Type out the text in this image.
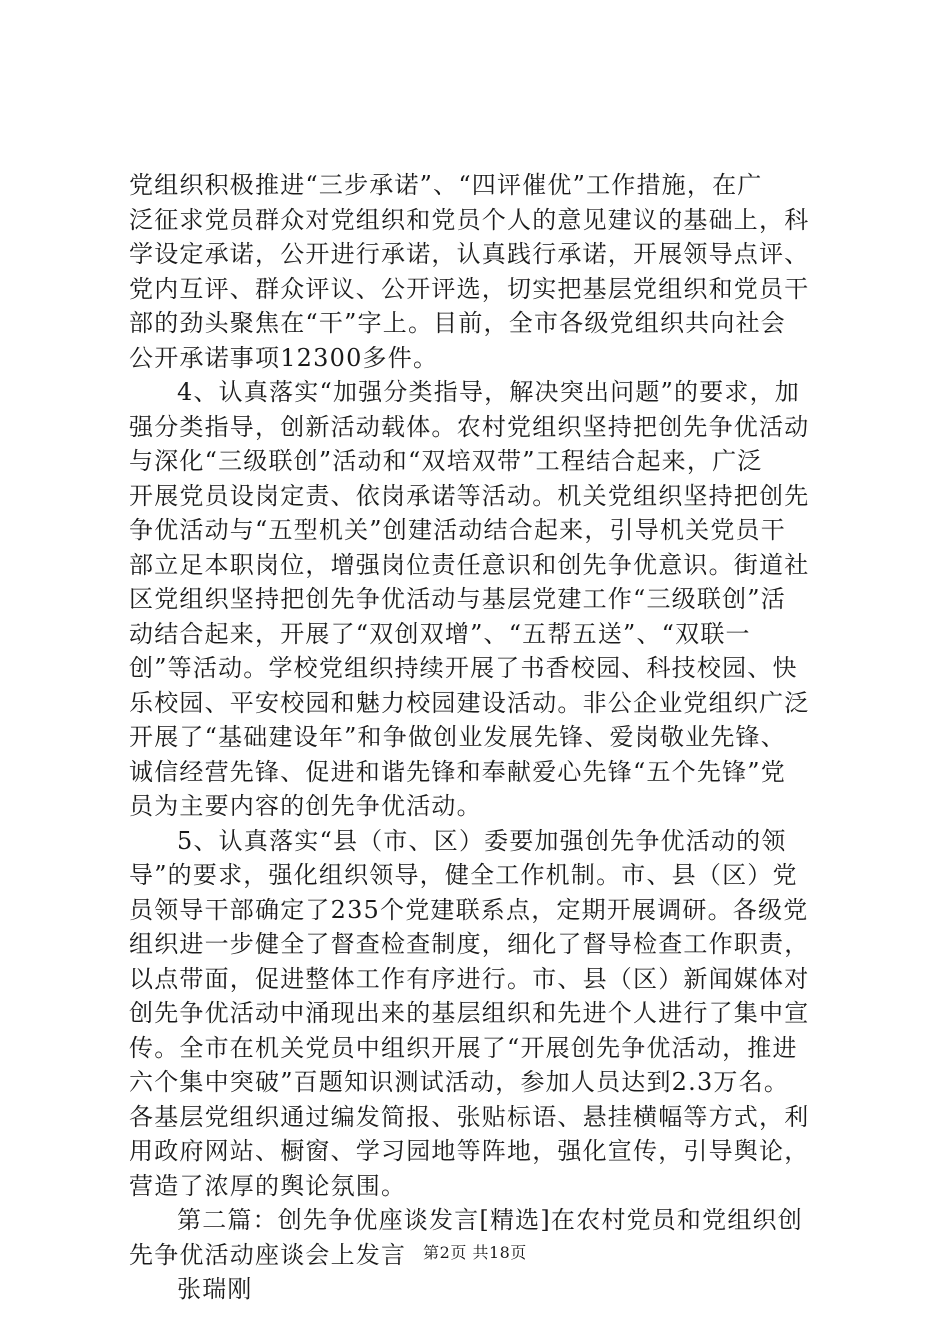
党组织积极推进“三步承诺”、“四评催优”工作措施，在广
泛征求党员群众对党组织和党员个人的意见建议的基础上，科
学设定承诺，公开进行承诺，认真践行承诺，开展领导点评、
党内互评、群众评议、公开评选，切实把基层党组织和党员干
部的劲头聚焦在“干”字上。目前，全市各级党组织共向社会
公开承诺事项12300多件。
4、认真落实“加强分类指导，解决突出问题”的要求，加
强分类指导，创新活动载体。农村党组织坚持把创先争优活动
与深化“三级联创”活动和“双培双带”工程结合起来，广泛
开展党员设岗定责、依岗承诺等活动。机关党组织坚持把创先
争优活动与“五型机关”创建活动结合起来，引导机关党员干
部立足本职岗位，增强岗位责任意识和创先争优意识。街道社
区党组织坚持把创先争优活动与基层党建工作“三级联创”活
动结合起来，开展了“双创双增”、“五帮五送”、“双联一
创”等活动。学校党组织持续开展了书香校园、科技校园、快
乐校园、平安校园和魅力校园建设活动。非公企业党组织广泛
开展了“基础建设年”和争做创业发展先锋、爱岗敬业先锋、
诚信经营先锋、促进和谐先锋和奉献爱心先锋“五个先锋”党
员为主要内容的创先争优活动。
5、认真落实“县（市、区）委要加强创先争优活动的领
导”的要求，强化组织领导，健全工作机制。市、县（区）党
员领导干部确定了235个党建联系点，定期开展调研。各级党
组织进一步健全了督查检查制度，细化了督导检查工作职责，
以点带面，促进整体工作有序进行。市、县（区）新闻媒体对
创先争优活动中涌现出来的基层组织和先进个人进行了集中宣
传。全市在机关党员中组织开展了“开展创先争优活动，推进
六个集中突破”百题知识测试活动，参加人员达到2.3万名。
各基层党组织通过编发简报、张贴标语、悬挂横幅等方式，利
用政府网站、橱窗、学习园地等阵地，强化宣传，引导舆论，
营造了浓厚的舆论氛围。
第二篇：创先争优座谈发言[精选]在农村党员和党组织创
先争优活动座谈会上发言
张瑞刚
第2页 共18页
